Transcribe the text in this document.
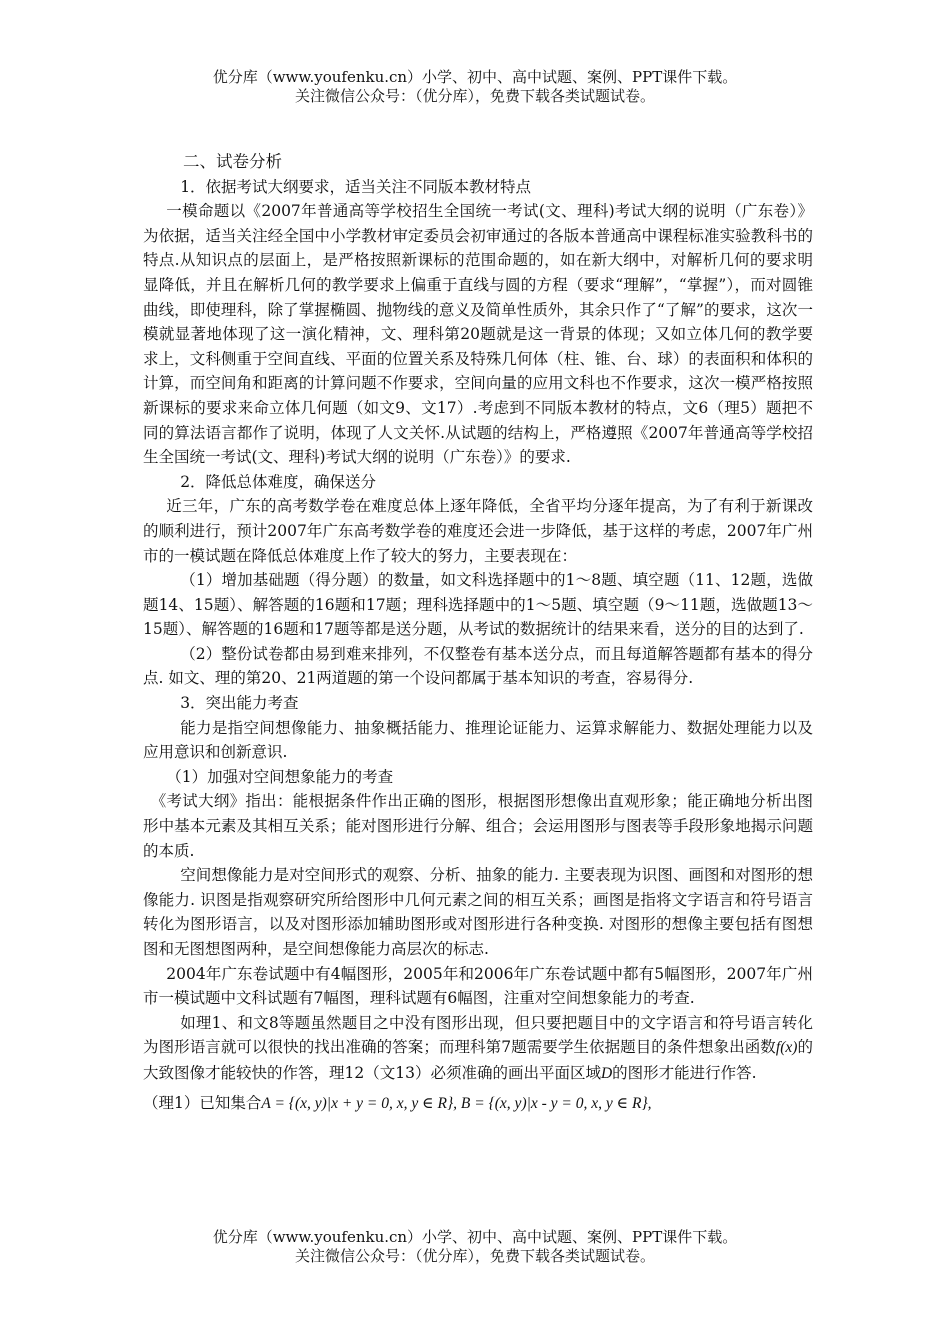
优分库（www.youfenku.cn）小学、初中、高中试题、案例、PPT课件下载。
关注微信公众号：（优分库），免费下载各类试题试卷。

二、试卷分析

1．依据考试大纲要求，适当关注不同版本教材特点

一模命题以《2007年普通高等学校招生全国统一考试(文、理科)考试大纲的说明（广东卷）》为依据，适当关注经全国中小学教材审定委员会初审通过的各版本普通高中课程标准实验教科书的特点.从知识点的层面上，是严格按照新课标的范围命题的，如在新大纲中，对解析几何的要求明显降低，并且在解析几何的教学要求上偏重于直线与圆的方程（要求“理解”，“掌握”），而对圆锥曲线，即使理科，除了掌握椭圆、抛物线的意义及简单性质外，其余只作了“了解”的要求，这次一模就显著地体现了这一演化精神，文、理科第20题就是这一背景的体现；又如立体几何的教学要求上，文科侧重于空间直线、平面的位置关系及特殊几何体（柱、锥、台、球）的表面积和体积的计算，而空间角和距离的计算问题不作要求，空间向量的应用文科也不作要求，这次一模严格按照新课标的要求来命立体几何题（如文9、文17）.考虑到不同版本教材的特点，文6（理5）题把不同的算法语言都作了说明，体现了人文关怀.从试题的结构上，严格遵照《2007年普通高等学校招生全国统一考试(文、理科)考试大纲的说明（广东卷）》的要求.

2．降低总体难度，确保送分

近三年，广东的高考数学卷在难度总体上逐年降低，全省平均分逐年提高，为了有利于新课改的顺利进行，预计2007年广东高考数学卷的难度还会进一步降低，基于这样的考虑，2007年广州市的一模试题在降低总体难度上作了较大的努力，主要表现在：

（1）增加基础题（得分题）的数量，如文科选择题中的1～8题、填空题（11、12题，选做题14、15题）、解答题的16题和17题；理科选择题中的1～5题、填空题（9～11题，选做题13～15题）、解答题的16题和17题等都是送分题，从考试的数据统计的结果来看，送分的目的达到了.

（2）整份试卷都由易到难来排列，不仅整卷有基本送分点，而且每道解答题都有基本的得分点. 如文、理的第20、21两道题的第一个设问都属于基本知识的考查，容易得分.

3．突出能力考查

能力是指空间想像能力、抽象概括能力、推理论证能力、运算求解能力、数据处理能力以及应用意识和创新意识.

（1）加强对空间想象能力的考查

《考试大纲》指出：能根据条件作出正确的图形，根据图形想像出直观形象；能正确地分析出图形中基本元素及其相互关系；能对图形进行分解、组合；会运用图形与图表等手段形象地揭示问题的本质.

空间想像能力是对空间形式的观察、分析、抽象的能力. 主要表现为识图、画图和对图形的想像能力. 识图是指观察研究所给图形中几何元素之间的相互关系；画图是指将文字语言和符号语言转化为图形语言，以及对图形添加辅助图形或对图形进行各种变换. 对图形的想像主要包括有图想图和无图想图两种，是空间想像能力高层次的标志.

2004年广东卷试题中有4幅图形，2005年和2006年广东卷试题中都有5幅图形，2007年广州市一模试题中文科试题有7幅图，理科试题有6幅图，注重对空间想象能力的考查.

如理1、和文8等题虽然题目之中没有图形出现，但只要把题目中的文字语言和符号语言转化为图形语言就可以很快的找出准确的答案；而理科第7题需要学生依据题目的条件想象出函数f(x)的大致图像才能较快的作答，理12（文13）必须准确的画出平面区域D的图形才能进行作答.

（理1）已知集合A = {(x, y)|x + y = 0, x, y ∈ R}, B = {(x, y)|x - y = 0, x, y ∈ R},

优分库（www.youfenku.cn）小学、初中、高中试题、案例、PPT课件下载。
关注微信公众号：（优分库），免费下载各类试题试卷。
